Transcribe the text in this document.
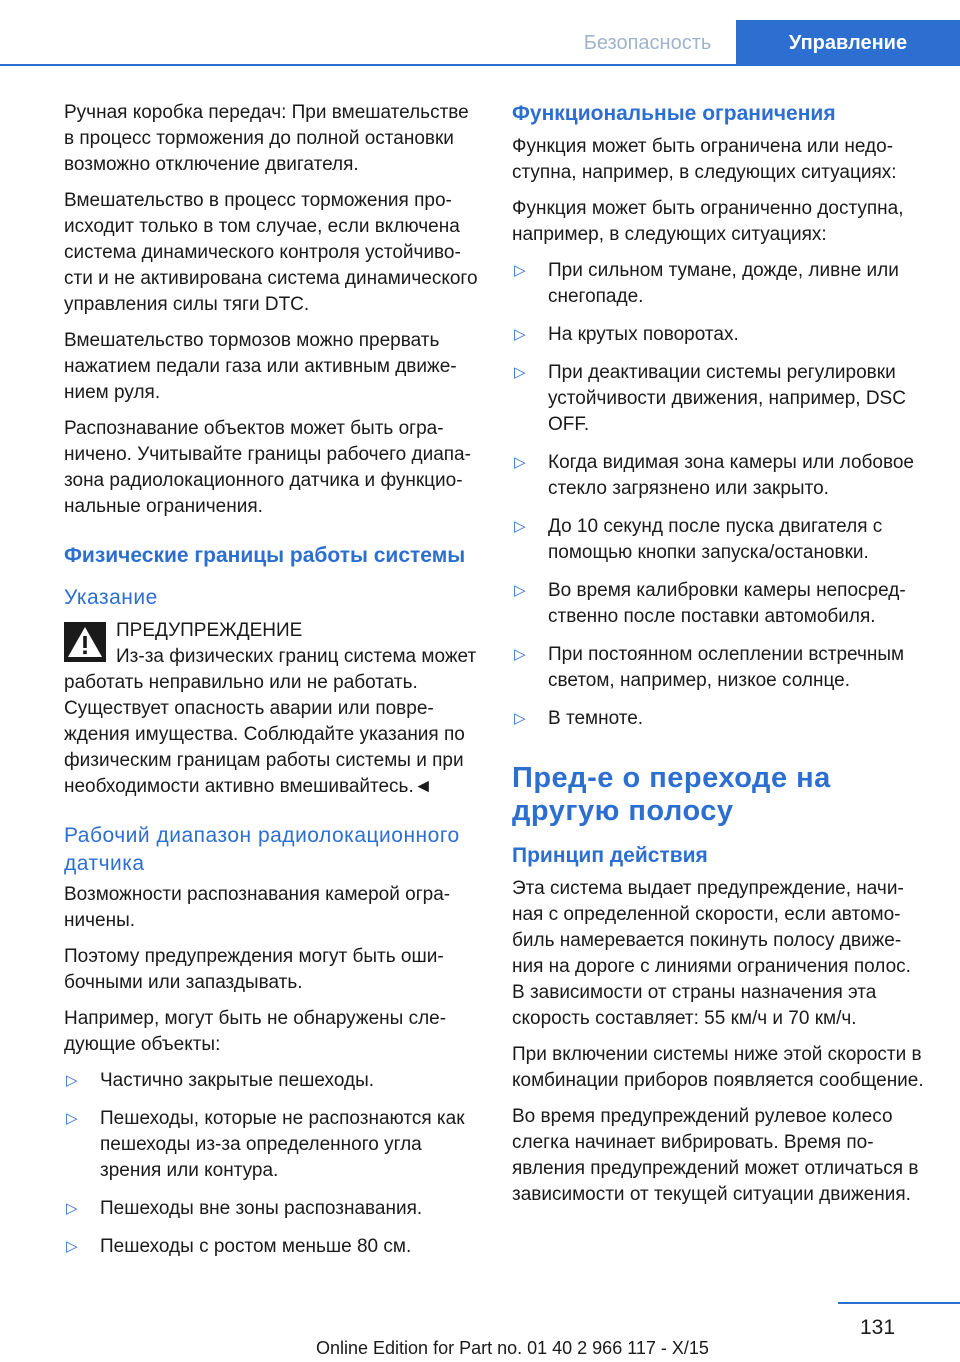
Безопасность	Управление

Ручная коробка передач: При вмешательстве в процесс торможения до полной остановки возможно отключение двигателя.

Вмешательство в процесс торможения происходит только в том случае, если включена система динамического контроля устойчивости и не активирована система динамического управления силы тяги DTC.

Вмешательство тормозов можно прервать нажатием педали газа или активным движением руля.

Распознавание объектов может быть ограничено. Учитывайте границы рабочего диапазона радиолокационного датчика и функциональные ограничения.

Физические границы работы системы
Указание

ПРЕДУПРЕЖДЕНИЕ

Из-за физических границ система может работать неправильно или не работать. Существует опасность аварии или повреждения имущества. Соблюдайте указания по физическим границам работы системы и при необходимости активно вмешивайтесь.◄

Рабочий диапазон радиолокационного датчика

Возможности распознавания камерой ограничены.

Поэтому предупреждения могут быть ошибочными или запаздывать.

Например, могут быть не обнаружены следующие объекты:

▷ Частично закрытые пешеходы.
▷ Пешеходы, которые не распознаются как пешеходы из-за определенного угла зрения или контура.
▷ Пешеходы вне зоны распознавания.
▷ Пешеходы с ростом меньше 80 см.
Функциональные ограничения

Функция может быть ограничена или недоступна, например, в следующих ситуациях:

Функция может быть ограниченно доступна, например, в следующих ситуациях:

▷ При сильном тумане, дожде, ливне или снегопаде.
▷ На крутых поворотах.
▷ При деактивации системы регулировки устойчивости движения, например, DSC OFF.
▷ Когда видимая зона камеры или лобовое стекло загрязнено или закрыто.
▷ До 10 секунд после пуска двигателя с помощью кнопки запуска/остановки.
▷ Во время калибровки камеры непосредственно после поставки автомобиля.
▷ При постоянном ослеплении встречным светом, например, низкое солнце.
▷ В темноте.
Пред-е о переходе на другую полосу
Принцип действия

Эта система выдает предупреждение, начиная с определенной скорости, если автомобиль намеревается покинуть полосу движения на дороге с линиями ограничения полос. В зависимости от страны назначения эта скорость составляет: 55 км/ч и 70 км/ч.

При включении системы ниже этой скорости в комбинации приборов появляется сообщение.

Во время предупреждений рулевое колесо слегка начинает вибрировать. Время появления предупреждений может отличаться в зависимости от текущей ситуации движения.

131
Online Edition for Part no. 01 40 2 966 117 - X/15
